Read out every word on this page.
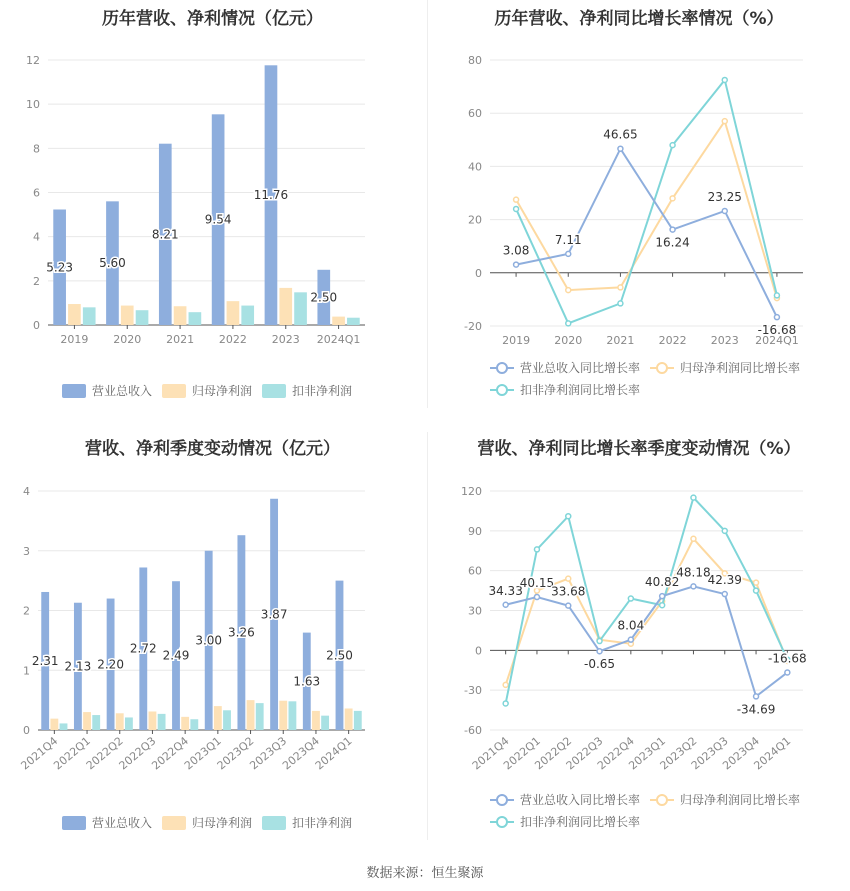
历年营收、净利情况（亿元）
0
2
4
6
8
10
12
2019 2020 2021 2022 2023 2024Q1
5.23 5.60
8.21
9.54
11.76
2.50
营业总收入	归母净利润	扣非净利润
历年营收、净利同比增长率情况（%）
-20
0
20
40
60
80
2019 2020 2021 2022 2023 2024Q1
3.08
7.11
46.65
16.24
23.25
-16.68
营业总收入同比增长率	归母净利润同比增长率
扣非净利润同比增长率
营收、净利季度变动情况（亿元）
0
1
2
3
4
2021Q4
2022Q1
2022Q2
2022Q3
2022Q4
2023Q1
2023Q2
2023Q3
2023Q4
2024Q1
2.31 2.13 2.20
2.72 2.49
3.00
3.26
3.87
1.63
2.50
营业总收入	归母净利润	扣非净利润
营收、净利同比增长率季度变动情况（%）
-60
-30
0
30
60
90
120
2021Q4
2022Q1
2022Q2
2022Q3
2022Q4
2023Q1
2023Q2
2023Q3
2023Q4
2024Q1
34.33
40.15
33.68
-0.65
8.04
40.82
48.18
42.39
-34.69
-16.68
营业总收入同比增长率	归母净利润同比增长率
扣非净利润同比增长率
数据来源：恒生聚源
